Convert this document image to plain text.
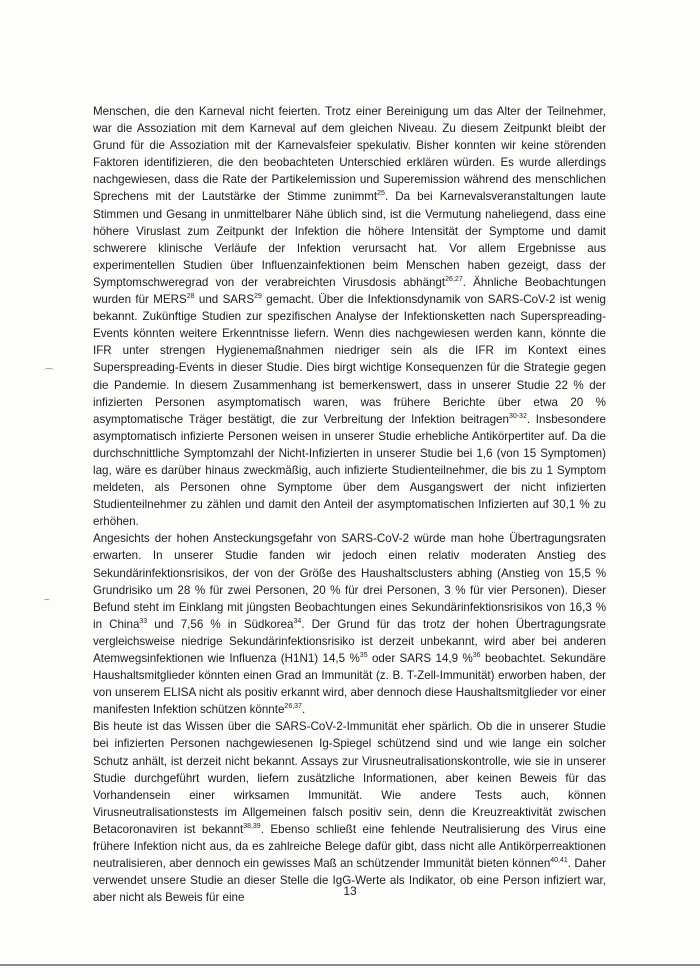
Menschen, die den Karneval nicht feierten. Trotz einer Bereinigung um das Alter der Teilnehmer, war die Assoziation mit dem Karneval auf dem gleichen Niveau. Zu diesem Zeitpunkt bleibt der Grund für die Assoziation mit der Karnevalsfeier spekulativ. Bisher konnten wir keine störenden Faktoren identifizieren, die den beobachteten Unterschied erklären würden. Es wurde allerdings nachgewiesen, dass die Rate der Partikelemission und Superemission während des menschlichen Sprechens mit der Lautstärke der Stimme zunimmt$^{25}$. Da bei Karnevalsveranstaltungen laute Stimmen und Gesang in unmittelbarer Nähe üblich sind, ist die Vermutung naheliegend, dass eine höhere Viruslast zum Zeitpunkt der Infektion die höhere Intensität der Symptome und damit schwerere klinische Verläufe der Infektion verursacht hat. Vor allem Ergebnisse aus experimentellen Studien über Influenzainfektionen beim Menschen haben gezeigt, dass der Symptomschweregrad von der verabreichten Virusdosis abhängt$^{26,27}$. Ähnliche Beobachtungen wurden für MERS$^{28}$ und SARS$^{29}$ gemacht. Über die Infektionsdynamik von SARS-CoV-2 ist wenig bekannt. Zukünftige Studien zur spezifischen Analyse der Infektionsketten nach Superspreading-Events könnten weitere Erkenntnisse liefern. Wenn dies nachgewiesen werden kann, könnte die IFR unter strengen Hygienemaßnahmen niedriger sein als die IFR im Kontext eines Superspreading-Events in dieser Studie. Dies birgt wichtige Konsequenzen für die Strategie gegen die Pandemie. In diesem Zusammenhang ist bemerkenswert, dass in unserer Studie 22 % der infizierten Personen asymptomatisch waren, was frühere Berichte über etwa 20 % asymptomatische Träger bestätigt, die zur Verbreitung der Infektion beitragen$^{30-32}$. Insbesondere asymptomatisch infizierte Personen weisen in unserer Studie erhebliche Antikörpertiter auf. Da die durchschnittliche Symptomzahl der Nicht-Infizierten in unserer Studie bei 1,6 (von 15 Symptomen) lag, wäre es darüber hinaus zweckmäßig, auch infizierte Studienteilnehmer, die bis zu 1 Symptom meldeten, als Personen ohne Symptome über dem Ausgangswert der nicht infizierten Studienteilnehmer zu zählen und damit den Anteil der asymptomatischen Infizierten auf 30,1 % zu erhöhen.

Angesichts der hohen Ansteckungsgefahr von SARS-CoV-2 würde man hohe Übertragungsraten erwarten. In unserer Studie fanden wir jedoch einen relativ moderaten Anstieg des Sekundärinfektionsrisikos, der von der Größe des Haushaltsclusters abhing (Anstieg von 15,5 % Grundrisiko um 28 % für zwei Personen, 20 % für drei Personen, 3 % für vier Personen). Dieser Befund steht im Einklang mit jüngsten Beobachtungen eines Sekundärinfektionsrisikos von 16,3 % in China$^{33}$ und 7,56 % in Südkorea$^{34}$. Der Grund für das trotz der hohen Übertragungsrate vergleichsweise niedrige Sekundärinfektionsrisiko ist derzeit unbekannt, wird aber bei anderen Atemwegsinfektionen wie Influenza (H1N1) 14,5 %$^{35}$ oder SARS 14,9 %$^{36}$ beobachtet. Sekundäre Haushaltsmitglieder könnten einen Grad an Immunität (z. B. T-Zell-Immunität) erworben haben, der von unserem ELISA nicht als positiv erkannt wird, aber dennoch diese Haushaltsmitglieder vor einer manifesten Infektion schützen könnte$^{26,37}$.

Bis heute ist das Wissen über die SARS-CoV-2-Immunität eher spärlich. Ob die in unserer Studie bei infizierten Personen nachgewiesenen Ig-Spiegel schützend sind und wie lange ein solcher Schutz anhält, ist derzeit nicht bekannt. Assays zur Virusneutralisationskontrolle, wie sie in unserer Studie durchgeführt wurden, liefern zusätzliche Informationen, aber keinen Beweis für das Vorhandensein einer wirksamen Immunität. Wie andere Tests auch, können Virusneutralisationstests im Allgemeinen falsch positiv sein, denn die Kreuzreaktivität zwischen Betacoronaviren ist bekannt$^{38,39}$. Ebenso schließt eine fehlende Neutralisierung des Virus eine frühere Infektion nicht aus, da es zahlreiche Belege dafür gibt, dass nicht alle Antikörperreaktionen neutralisieren, aber dennoch ein gewisses Maß an schützender Immunität bieten können$^{40,41}$. Daher verwendet unsere Studie an dieser Stelle die IgG-Werte als Indikator, ob eine Person infiziert war, aber nicht als Beweis für eine	13
⌒
~
